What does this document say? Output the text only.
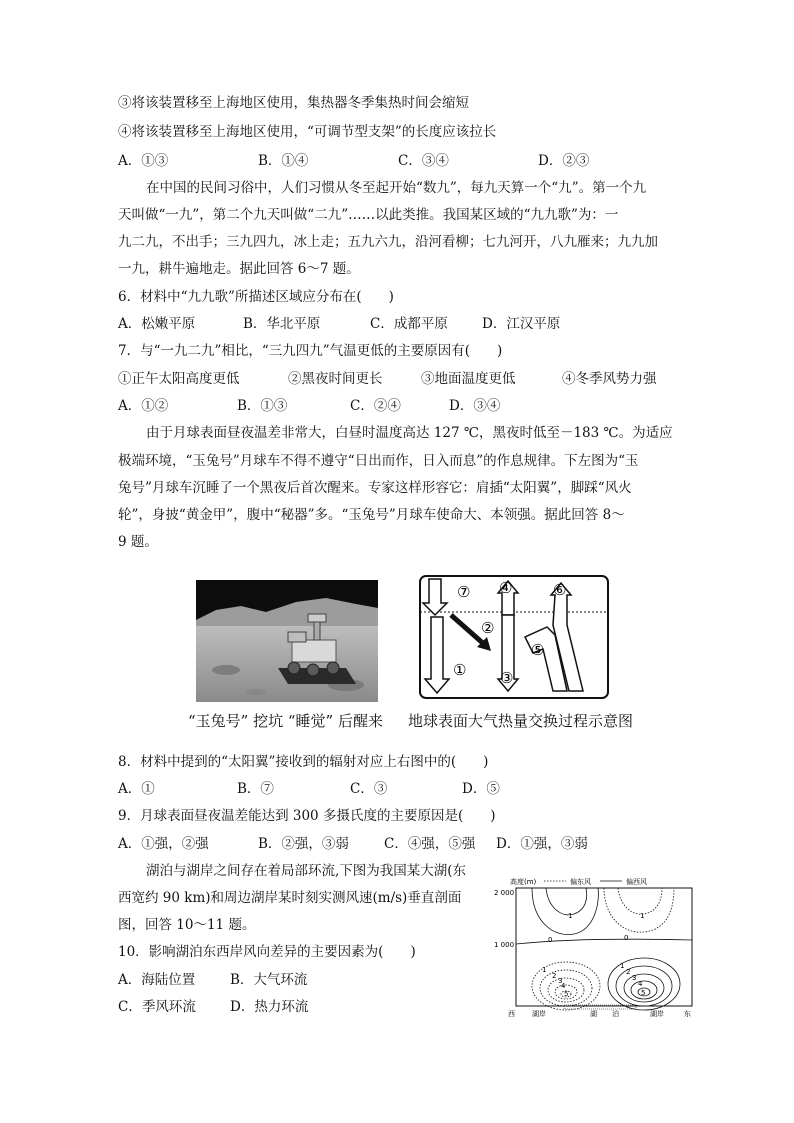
③将该装置移至上海地区使用，集热器冬季集热时间会缩短
④将该装置移至上海地区使用，“可调节型支架”的长度应该拉长
A．①③	B．①④	C．③④	D．②③
在中国的民间习俗中，人们习惯从冬至起开始“数九”，每九天算一个“九”。第一个九
天叫做“一九”，第二个九天叫做“二九”……以此类推。我国某区域的“九九歌”为：一
九二九，不出手；三九四九，冰上走；五九六九，沿河看柳；七九河开，八九雁来；九九加
一九，耕牛遍地走。据此回答 6～7 题。
6．材料中“九九歌”所描述区域应分布在(　　)
A．松嫩平原	B．华北平原	C．成都平原	D．江汉平原
7．与“一九二九”相比，“三九四九”气温更低的主要原因有(　　)
①正午太阳高度更低	②黑夜时间更长	③地面温度更低	④冬季风势力强
A．①②	B．①③	C．②④	D．③④
由于月球表面昼夜温差非常大，白昼时温度高达 127 ℃，黑夜时低至－183 ℃。为适应
极端环境，“玉兔号”月球车不得不遵守“日出而作，日入而息”的作息规律。下左图为“玉
兔号”月球车沉睡了一个黑夜后首次醒来。专家这样形容它：肩插“太阳翼”，脚踩“风火
轮”，身披“黄金甲”，腹中“秘器”多。“玉兔号”月球车使命大、本领强。据此回答 8～
9 题。
“玉兔号” 挖坑 “睡觉” 后醒来
⑦ ④	⑥
②
⑤
① ③
地球表面大气热量交换过程示意图
8．材料中提到的“太阳翼”接收到的辐射对应上右图中的(　　)
A．①	B．⑦	C．③	D．⑤
9．月球表面昼夜温差能达到 300 多摄氏度的主要原因是(　　)
A．①强，②强	B．②强，③弱	C．④强，⑤强 D．①强，③弱
湖泊与湖岸之间存在着局部环流,下图为我国某大湖(东
西宽约 90 km)和周边湖岸某时刻实测风速(m/s)垂直剖面
图，回答 10～11 题。
10．影响湖泊东西岸风向差异的主要因素为(　　)
A．海陆位置	B．大气环流
C．季风环流	D．热力环流
高度(m)	偏东风	偏西风
2 000
1 000
0
1
0
1
1
2
3
4
5
1
2
3
4
5
西 湖岸	湖 泊	湖岸	东
